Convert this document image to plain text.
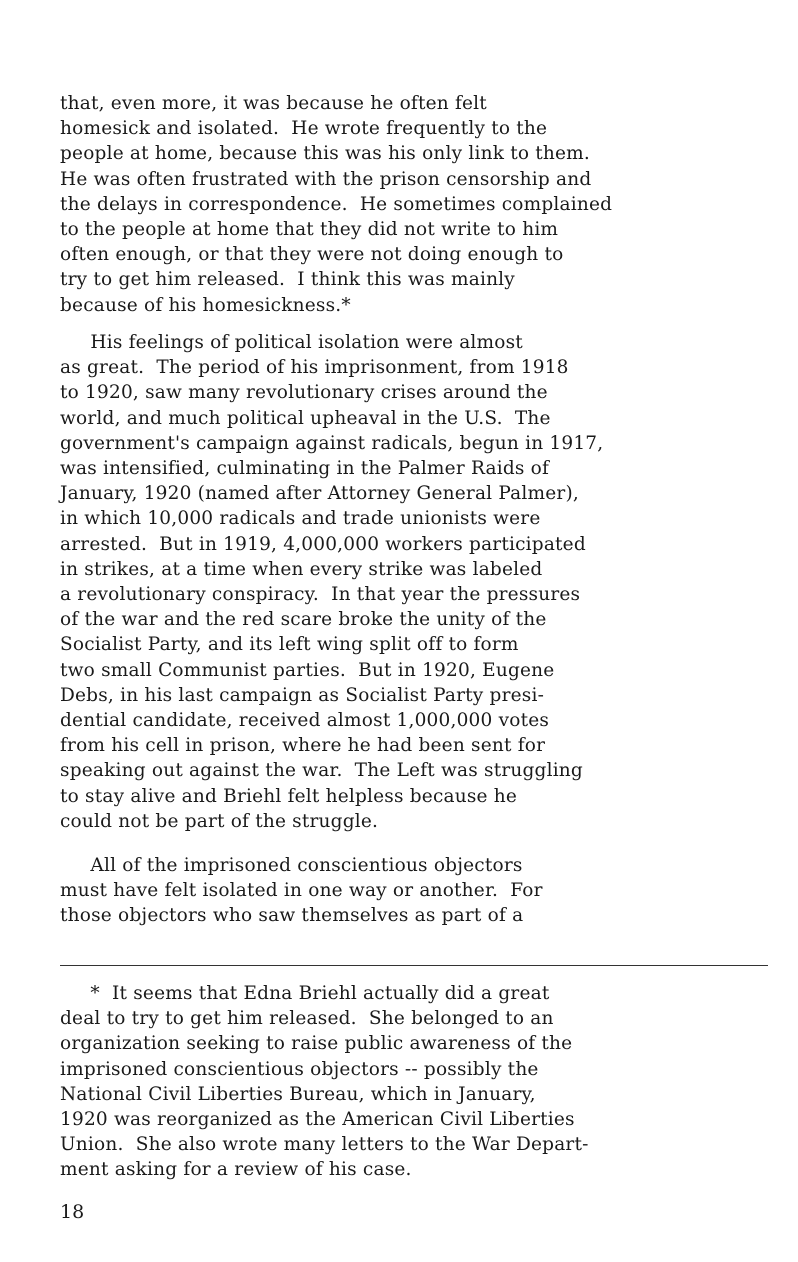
that, even more, it was because he often felt
homesick and isolated.  He wrote frequently to the
people at home, because this was his only link to them.
He was often frustrated with the prison censorship and
the delays in correspondence.  He sometimes complained
to the people at home that they did not write to him
often enough, or that they were not doing enough to
try to get him released.  I think this was mainly
because of his homesickness.*
His feelings of political isolation were almost
as great.  The period of his imprisonment, from 1918
to 1920, saw many revolutionary crises around the
world, and much political upheaval in the U.S.  The
government's campaign against radicals, begun in 1917,
was intensified, culminating in the Palmer Raids of
January, 1920 (named after Attorney General Palmer),
in which 10,000 radicals and trade unionists were
arrested.  But in 1919, 4,000,000 workers participated
in strikes, at a time when every strike was labeled
a revolutionary conspiracy.  In that year the pressures
of the war and the red scare broke the unity of the
Socialist Party, and its left wing split off to form
two small Communist parties.  But in 1920, Eugene
Debs, in his last campaign as Socialist Party presi-
dential candidate, received almost 1,000,000 votes
from his cell in prison, where he had been sent for
speaking out against the war.  The Left was struggling
to stay alive and Briehl felt helpless because he
could not be part of the struggle.
All of the imprisoned conscientious objectors
must have felt isolated in one way or another.  For
those objectors who saw themselves as part of a
*  It seems that Edna Briehl actually did a great
deal to try to get him released.  She belonged to an
organization seeking to raise public awareness of the
imprisoned conscientious objectors -- possibly the
National Civil Liberties Bureau, which in January,
1920 was reorganized as the American Civil Liberties
Union.  She also wrote many letters to the War Depart-
ment asking for a review of his case.

18
